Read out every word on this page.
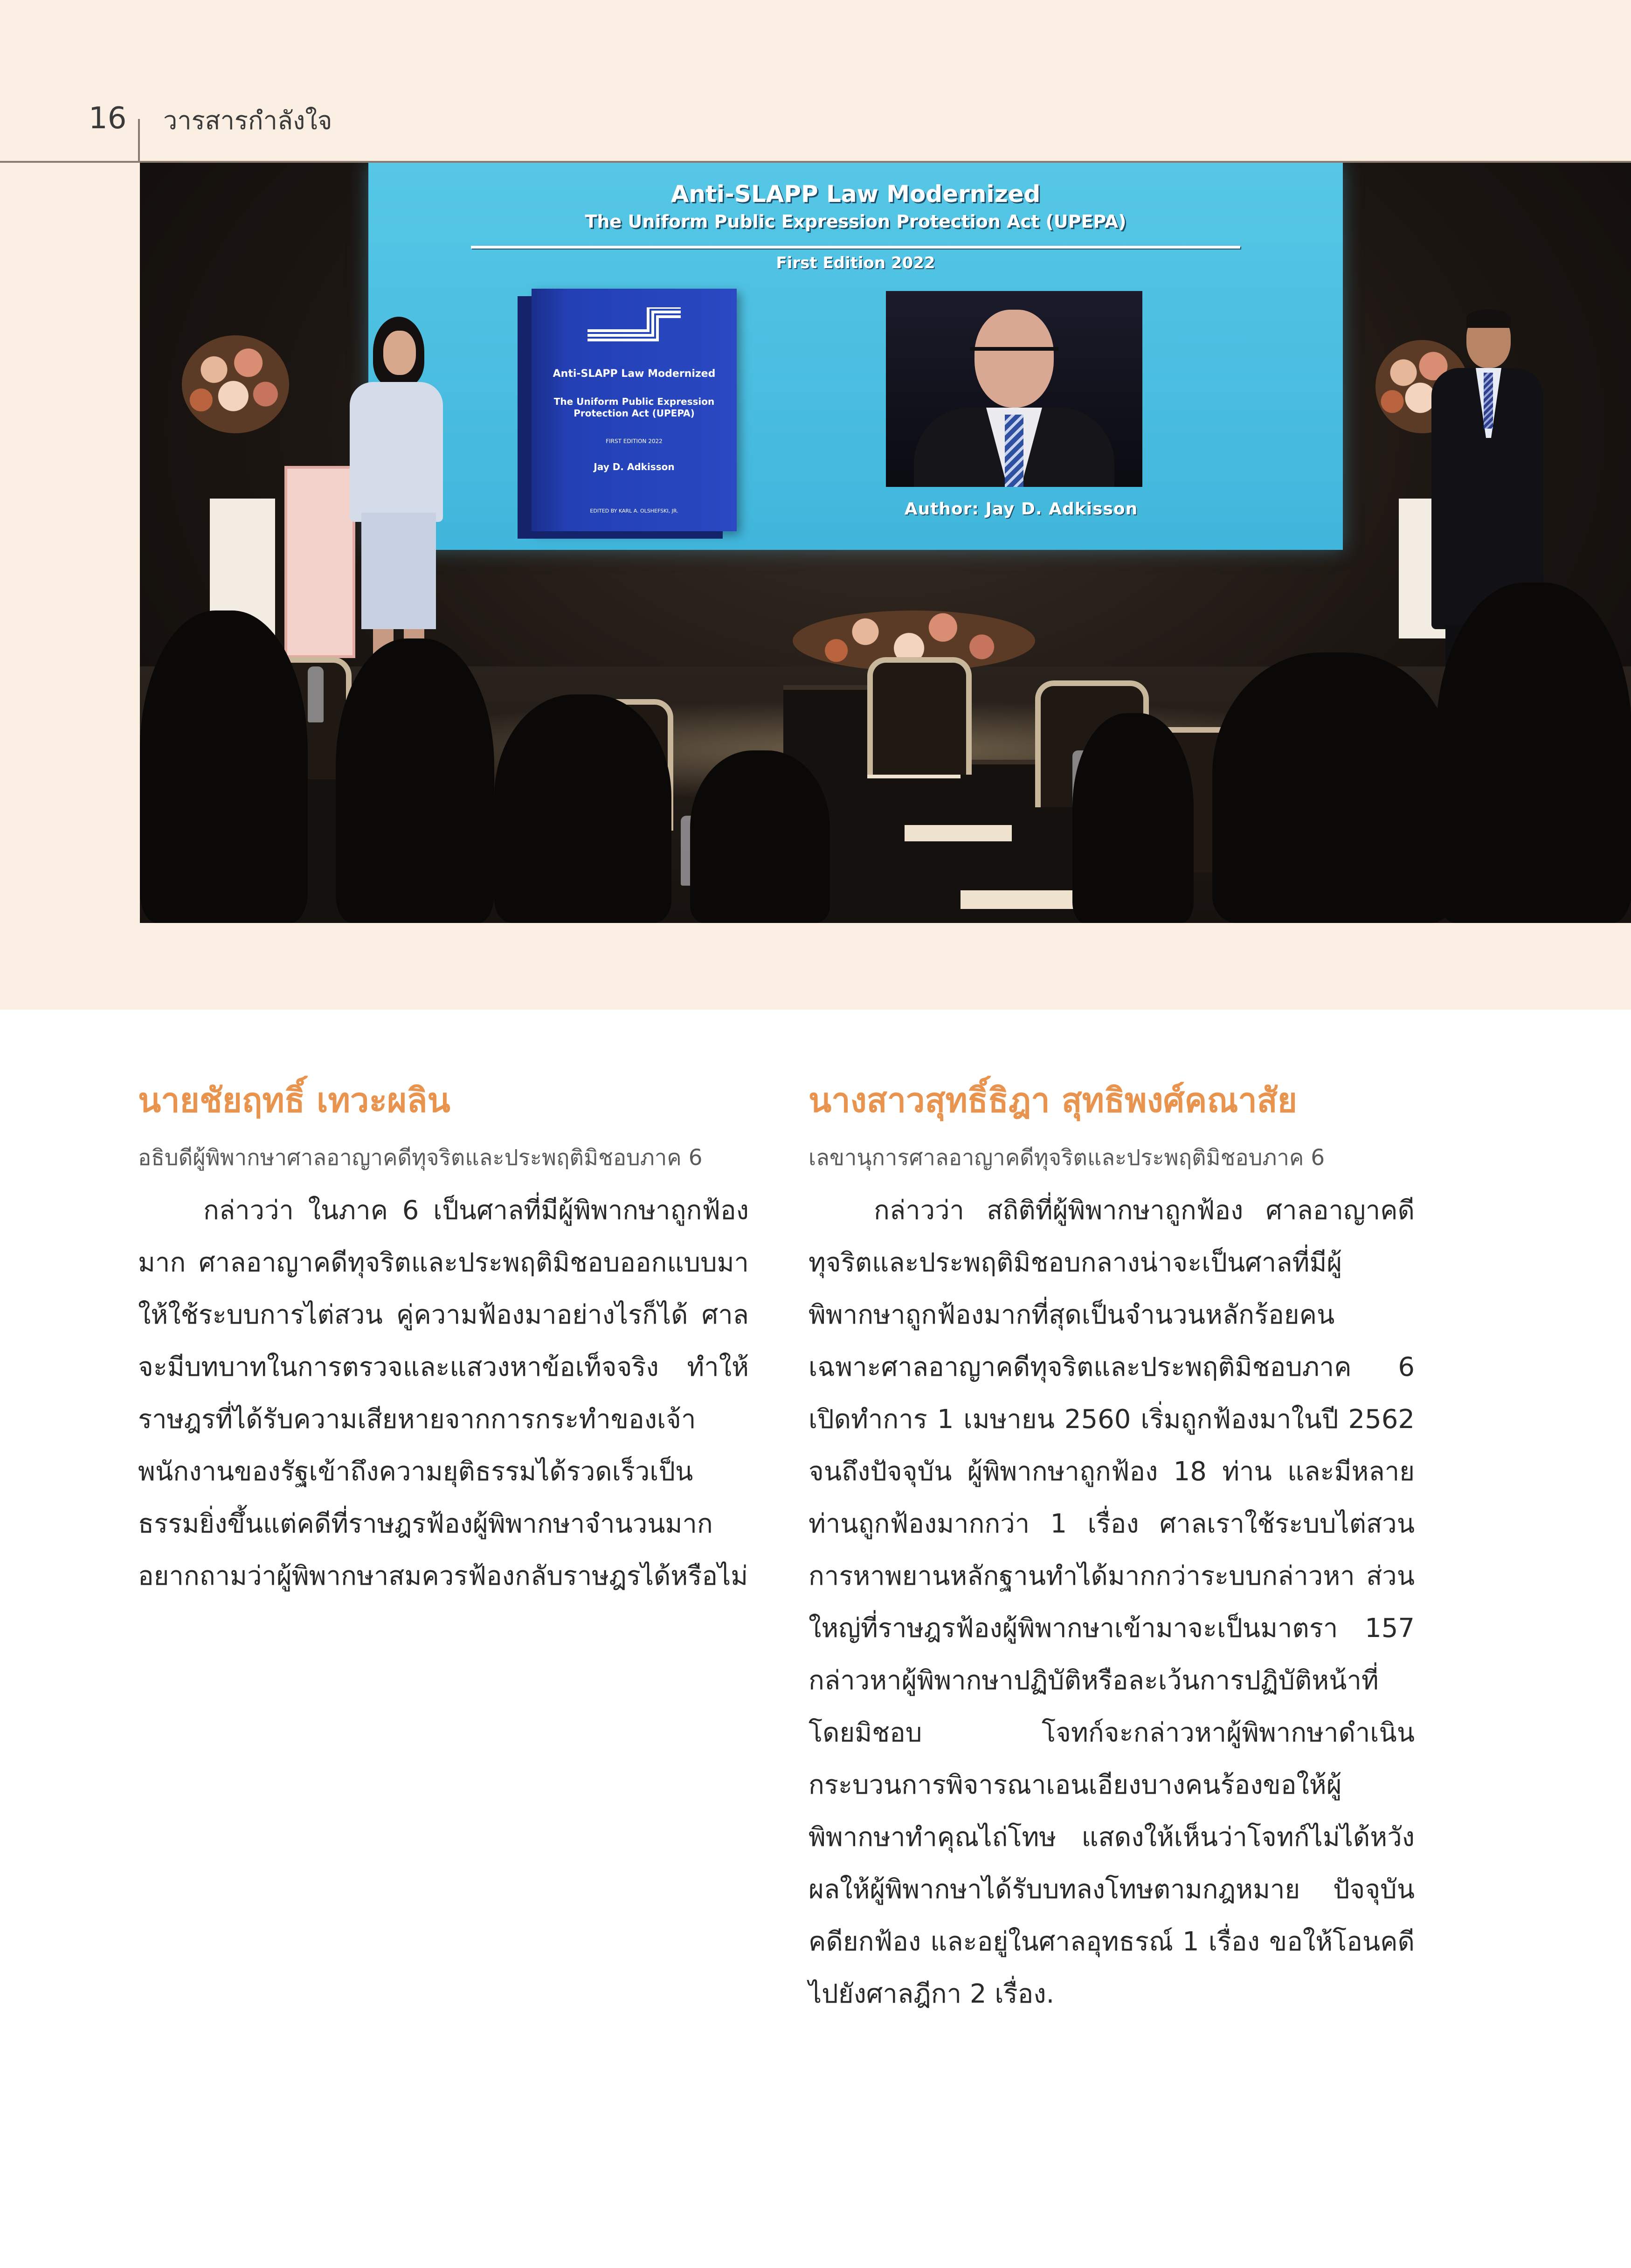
16 วารสารกำลังใจ
Anti-SLAPP Law Modernized
The Uniform Public Expression Protection Act (UPEPA)
First Edition 2022
Anti-SLAPP Law Modernized
The Uniform Public Expression Protection Act (UPEPA)
FIRST EDITION 2022
Jay D. Adkisson
EDITED BY KARL A. OLSHEFSKI, JR.	Author: Jay D. Adkisson
นายชัยฤทธิ์ เทวะผลิน
อธิบดีผู้พิพากษาศาลอาญาคดีทุจริตและประพฤติมิชอบภาค 6

กล่าวว่า ในภาค 6 เป็นศาลที่มีผู้พิพากษาถูกฟ้องมาก ศาลอาญาคดีทุจริตและประพฤติมิชอบออกแบบมาให้ใช้ระบบการไต่สวน คู่ความฟ้องมาอย่างไรก็ได้ ศาลจะมีบทบาทในการตรวจและแสวงหาข้อเท็จจริง ทำให้ราษฎรที่ได้รับความเสียหายจากการกระทำของเจ้าพนักงานของรัฐเข้าถึงความยุติธรรมได้รวดเร็วเป็นธรรมยิ่งขึ้นแต่คดีที่ราษฎรฟ้องผู้พิพากษาจำนวนมากอยากถามว่าผู้พิพากษาสมควรฟ้องกลับราษฎรได้หรือไม่

นางสาวสุทธิ์ธิฎา สุทธิพงศ์คณาสัย
เลขานุการศาลอาญาคดีทุจริตและประพฤติมิชอบภาค 6

กล่าวว่า สถิติที่ผู้พิพากษาถูกฟ้อง ศาลอาญาคดีทุจริตและประพฤติมิชอบกลางน่าจะเป็นศาลที่มีผู้พิพากษาถูกฟ้องมากที่สุดเป็นจำนวนหลักร้อยคน เฉพาะศาลอาญาคดีทุจริตและประพฤติมิชอบภาค 6 เปิดทำการ 1 เมษายน 2560 เริ่มถูกฟ้องมาในปี 2562 จนถึงปัจจุบัน ผู้พิพากษาถูกฟ้อง 18 ท่าน และมีหลายท่านถูกฟ้องมากกว่า 1 เรื่อง ศาลเราใช้ระบบไต่สวนการหาพยานหลักฐานทำได้มากกว่าระบบกล่าวหา ส่วนใหญ่ที่ราษฎรฟ้องผู้พิพากษาเข้ามาจะเป็นมาตรา 157 กล่าวหาผู้พิพากษาปฏิบัติหรือละเว้นการปฏิบัติหน้าที่โดยมิชอบ โจทก์จะกล่าวหาผู้พิพากษาดำเนินกระบวนการพิจารณาเอนเอียงบางคนร้องขอให้ผู้พิพากษาทำคุณไถ่โทษ แสดงให้เห็นว่าโจทก์ไม่ได้หวังผลให้ผู้พิพากษาได้รับบทลงโทษตามกฎหมาย ปัจจุบันคดียกฟ้อง และอยู่ในศาลอุทธรณ์ 1 เรื่อง ขอให้โอนคดีไปยังศาลฎีกา 2 เรื่อง.
